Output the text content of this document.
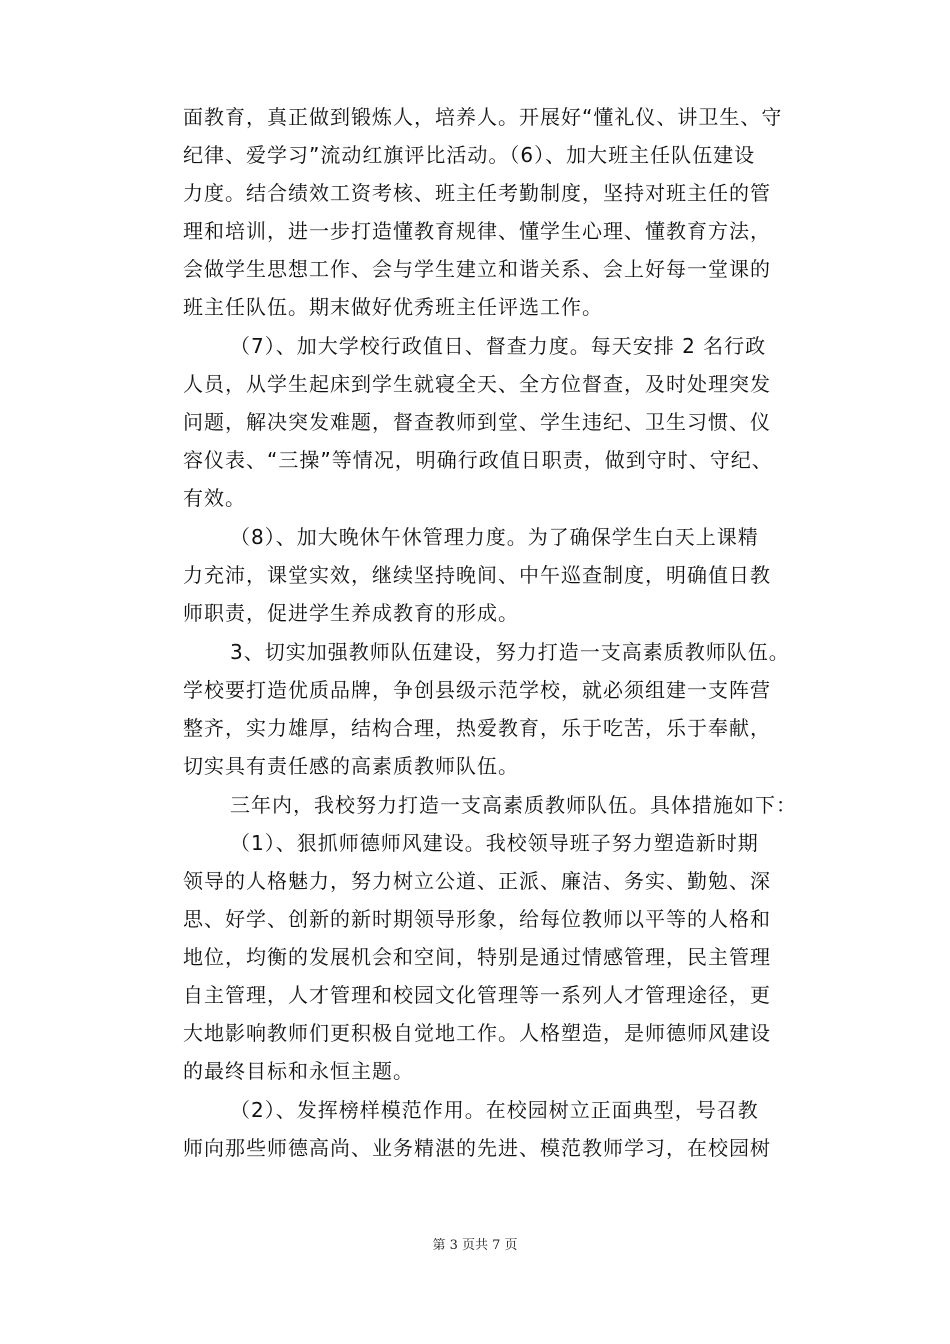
面教育，真正做到锻炼人，培养人。开展好“懂礼仪、讲卫生、守
纪律、爱学习”流动红旗评比活动。（6）、加大班主任队伍建设
力度。结合绩效工资考核、班主任考勤制度，坚持对班主任的管
理和培训，进一步打造懂教育规律、懂学生心理、懂教育方法，
会做学生思想工作、会与学生建立和谐关系、会上好每一堂课的
班主任队伍。期末做好优秀班主任评选工作。
（7）、加大学校行政值日、督查力度。每天安排 2 名行政
人员，从学生起床到学生就寝全天、全方位督查，及时处理突发
问题，解决突发难题，督查教师到堂、学生违纪、卫生习惯、仪
容仪表、“三操”等情况，明确行政值日职责，做到守时、守纪、
有效。
（8）、加大晚休午休管理力度。为了确保学生白天上课精
力充沛，课堂实效，继续坚持晚间、中午巡查制度，明确值日教
师职责，促进学生养成教育的形成。
3、切实加强教师队伍建设，努力打造一支高素质教师队伍。
学校要打造优质品牌，争创县级示范学校，就必须组建一支阵营
整齐，实力雄厚，结构合理，热爱教育，乐于吃苦，乐于奉献，
切实具有责任感的高素质教师队伍。
三年内，我校努力打造一支高素质教师队伍。具体措施如下：
（1）、狠抓师德师风建设。我校领导班子努力塑造新时期
领导的人格魅力，努力树立公道、正派、廉洁、务实、勤勉、深
思、好学、创新的新时期领导形象，给每位教师以平等的人格和
地位，均衡的发展机会和空间，特别是通过情感管理，民主管理
自主管理，人才管理和校园文化管理等一系列人才管理途径，更
大地影响教师们更积极自觉地工作。人格塑造，是师德师风建设
的最终目标和永恒主题。
（2）、发挥榜样模范作用。在校园树立正面典型，号召教
师向那些师德高尚、业务精湛的先进、模范教师学习，在校园树
第 3 页共 7 页
